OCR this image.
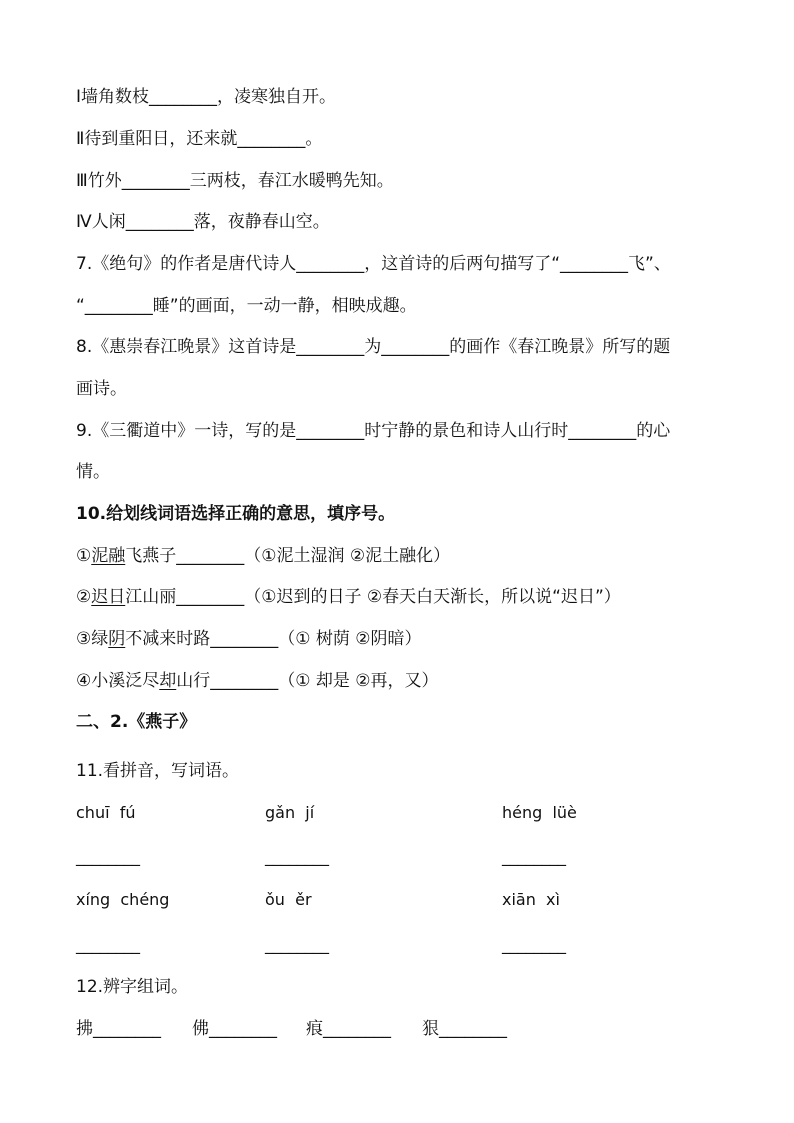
Ⅰ墙角数枝________，凌寒独自开。
Ⅱ待到重阳日，还来就________。
Ⅲ竹外________三两枝，春江水暖鸭先知。
Ⅳ人闲________落，夜静春山空。
7.《绝句》的作者是唐代诗人________，这首诗的后两句描写了“________飞”、
“________睡”的画面，一动一静，相映成趣。
8.《惠崇春江晚景》这首诗是________为________的画作《春江晚景》所写的题
画诗。
9.《三衢道中》一诗，写的是________时宁静的景色和诗人山行时________的心
情。
10.给划线词语选择正确的意思，填序号。
①泥融飞燕子________（①泥土湿润 ②泥土融化）
②迟日江山丽________（①迟到的日子 ②春天白天渐长，所以说“迟日”）
③绿阴不减来时路________（① 树荫 ②阴暗）
④小溪泛尽却山行________（① 却是 ②再，又）
二、2.《燕子》
11.看拼音，写词语。
chuī  fú	gǎn  jí	héng  lüè
________	________	________
xíng  chéng	ǒu  ěr	xiān  xì
________	________	________
12.辨字组词。
拂________ 佛________ 痕________ 狠________
